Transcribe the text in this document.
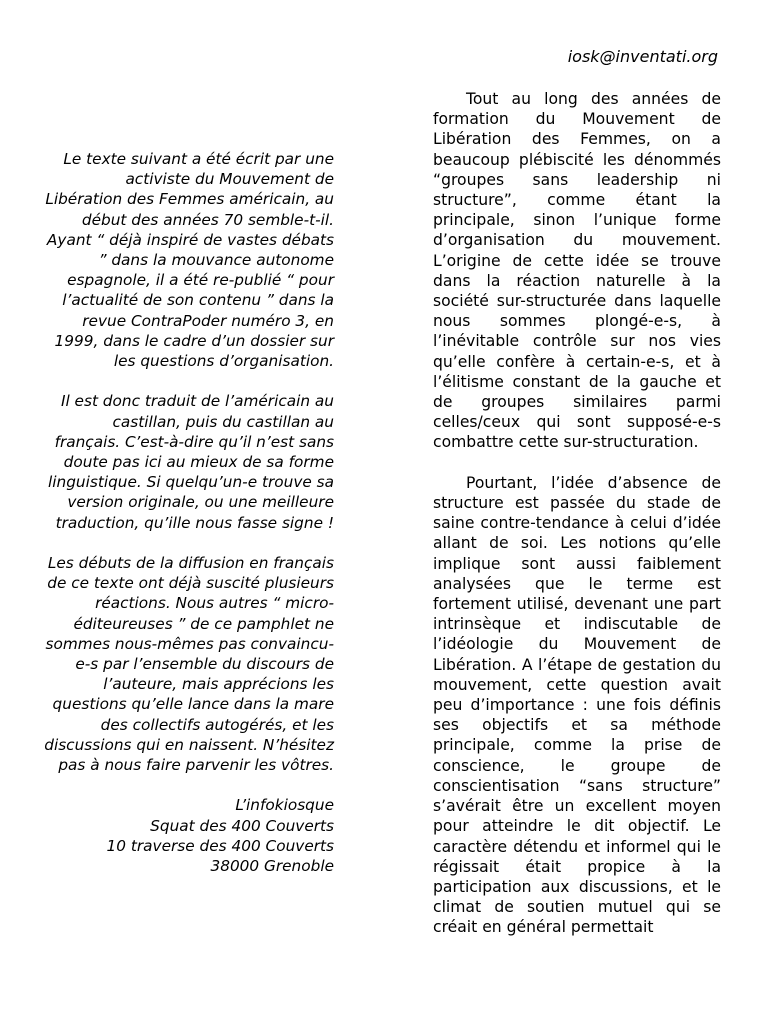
iosk@inventati.org

Le texte suivant a été écrit par une activiste du Mouvement de Libération des Femmes américain, au début des années 70 semble-t-il. Ayant “ déjà inspiré de vastes débats ” dans la mouvance autonome espagnole, il a été re-publié “ pour l’actualité de son contenu ” dans la revue ContraPoder numéro 3, en 1999, dans le cadre d’un dossier sur les questions d’organisation.

Il est donc traduit de l’américain au castillan, puis du castillan au français. C’est-à-dire qu’il n’est sans doute pas ici au mieux de sa forme linguistique. Si quelqu’un-e trouve sa version originale, ou une meilleure traduction, qu’ille nous fasse signe !

Les débuts de la diffusion en français de ce texte ont déjà suscité plusieurs réactions. Nous autres “ micro-éditeureuses ” de ce pamphlet ne sommes nous-mêmes pas convaincu-e-s par l’ensemble du discours de l’auteure, mais apprécions les questions qu’elle lance dans la mare des collectifs autogérés, et les discussions qui en naissent. N’hésitez pas à nous faire parvenir les vôtres.

L’infokiosque
Squat des 400 Couverts
10 traverse des 400 Couverts
38000 Grenoble

Tout au long des années de formation du Mouvement de Libération des Femmes, on a beaucoup plébiscité les dénommés “groupes sans leadership ni structure”, comme étant la principale, sinon l’unique forme d’organisation du mouvement. L’origine de cette idée se trouve dans la réaction naturelle à la société sur-structurée dans laquelle nous sommes plongé-e-s, à l’inévitable contrôle sur nos vies qu’elle confère à certain-e-s, et à l’élitisme constant de la gauche et de groupes similaires parmi celles/ceux qui sont supposé-e-s combattre cette sur-structuration.

Pourtant, l’idée d’absence de structure est passée du stade de saine contre-tendance à celui d’idée allant de soi. Les notions qu’elle implique sont aussi faiblement analysées que le terme est fortement utilisé, devenant une part intrinsèque et indiscutable de l’idéologie du Mouvement de Libération. A l’étape de gestation du mouvement, cette question avait peu d’importance : une fois définis ses objectifs et sa méthode principale, comme la prise de conscience, le groupe de conscientisation “sans structure” s’avérait être un excellent moyen pour atteindre le dit objectif. Le caractère détendu et informel qui le régissait était propice à la participation aux discussions, et le climat de soutien mutuel qui se créait en général permettait
